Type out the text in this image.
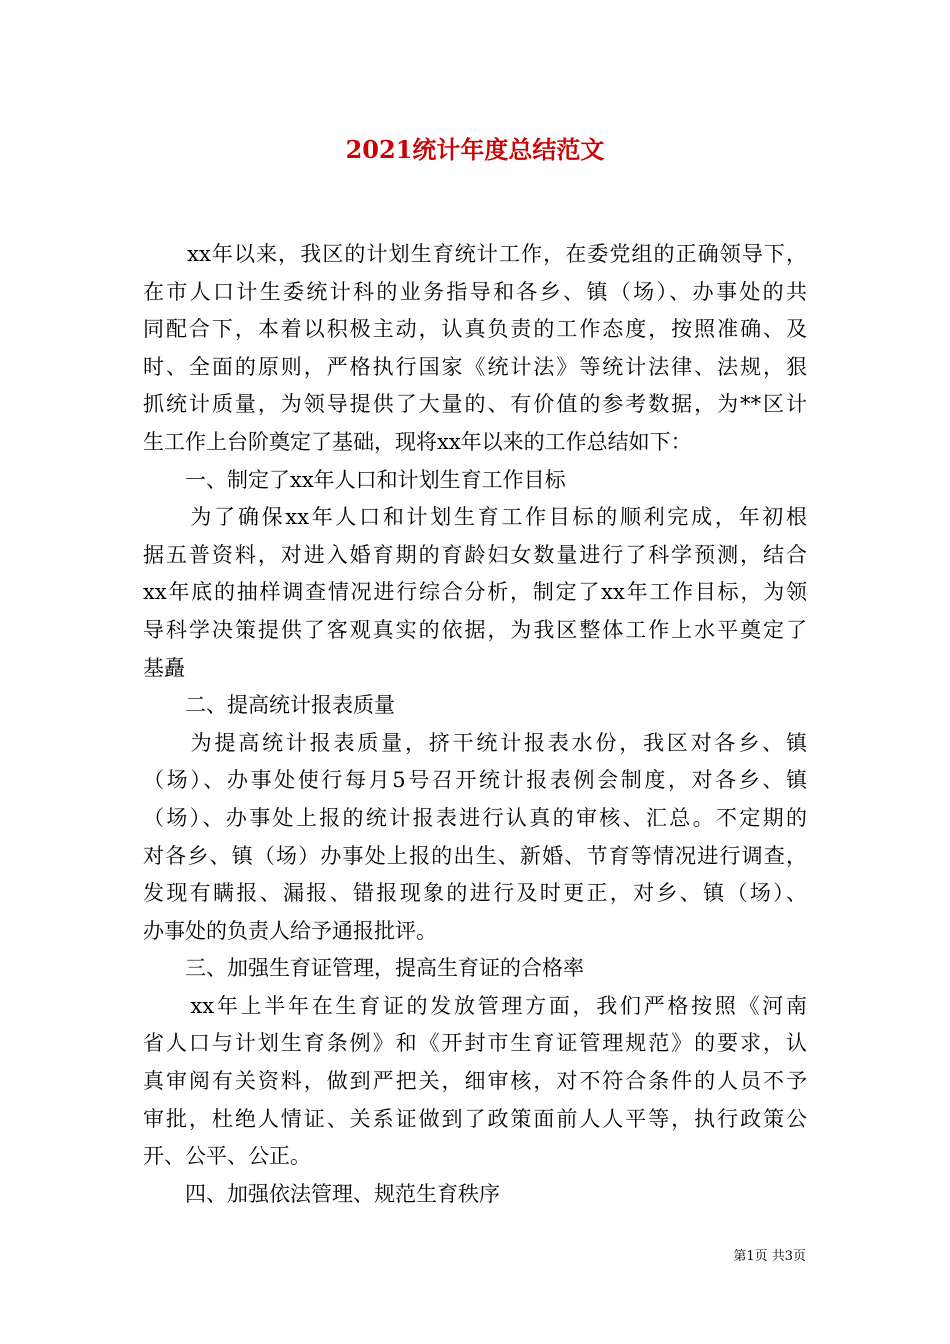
2021统计年度总结范文
　　xx年以来，我区的计划生育统计工作，在委党组的正确领导下，
在市人口计生委统计科的业务指导和各乡、镇（场）、办事处的共
同配合下，本着以积极主动，认真负责的工作态度，按照准确、及
时、全面的原则，严格执行国家《统计法》等统计法律、法规，狠
抓统计质量，为领导提供了大量的、有价值的参考数据，为**区计
生工作上台阶奠定了基础，现将xx年以来的工作总结如下：
　　一、制定了xx年人口和计划生育工作目标
　　为了确保xx年人口和计划生育工作目标的顺利完成，年初根
据五普资料，对进入婚育期的育龄妇女数量进行了科学预测，结合
xx年底的抽样调查情况进行综合分析，制定了xx年工作目标，为领
导科学决策提供了客观真实的依据，为我区整体工作上水平奠定了
基矗
　　二、提高统计报表质量
　　为提高统计报表质量，挤干统计报表水份，我区对各乡、镇
（场）、办事处使行每月5号召开统计报表例会制度，对各乡、镇
（场）、办事处上报的统计报表进行认真的审核、汇总。不定期的
对各乡、镇（场）办事处上报的出生、新婚、节育等情况进行调查，
发现有瞒报、漏报、错报现象的进行及时更正，对乡、镇（场）、
办事处的负责人给予通报批评。
　　三、加强生育证管理，提高生育证的合格率
　　xx年上半年在生育证的发放管理方面，我们严格按照《河南
省人口与计划生育条例》和《开封市生育证管理规范》的要求，认
真审阅有关资料，做到严把关，细审核，对不符合条件的人员不予
审批，杜绝人情证、关系证做到了政策面前人人平等，执行政策公
开、公平、公正。
　　四、加强依法管理、规范生育秩序
第1页 共3页
